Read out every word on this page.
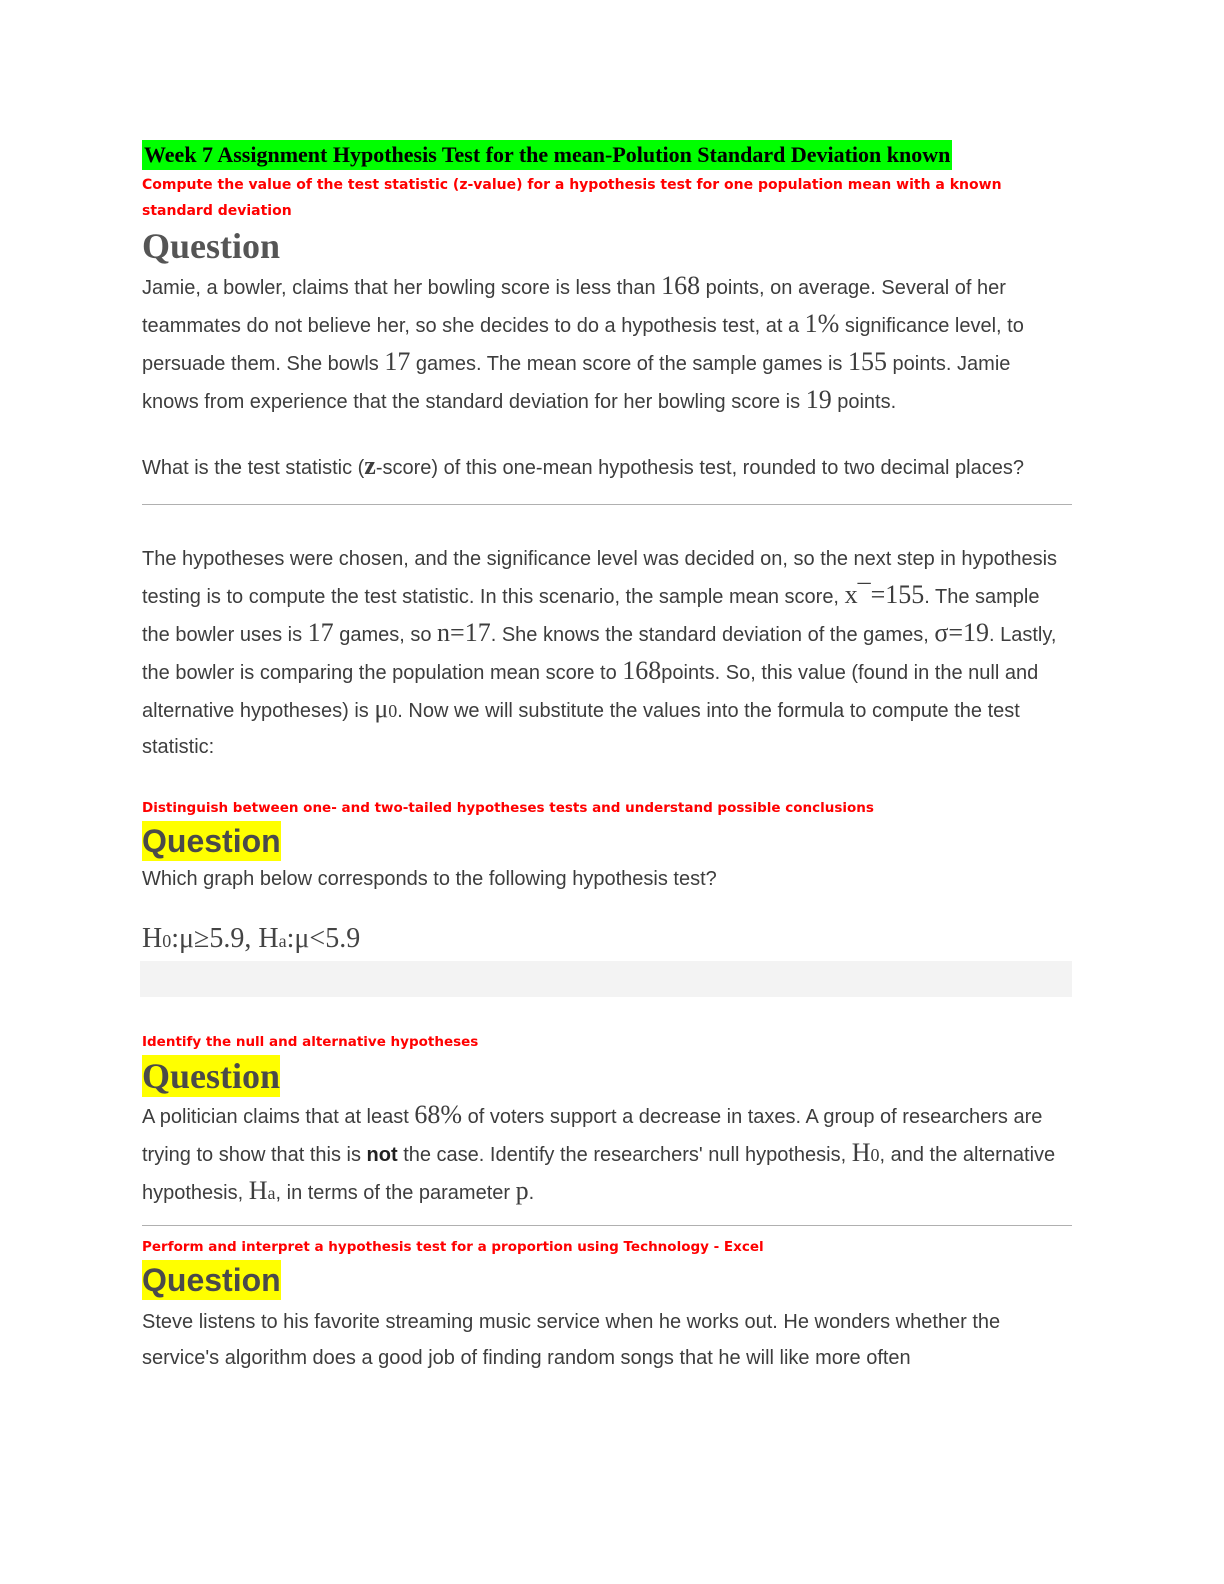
Week 7 Assignment Hypothesis Test for the mean-Polution Standard Deviation known

Compute the value of the test statistic (z-value) for a hypothesis test for one population mean with a known standard deviation

Question

Jamie, a bowler, claims that her bowling score is less than 168 points, on average. Several of her teammates do not believe her, so she decides to do a hypothesis test, at a 1% significance level, to persuade them. She bowls 17 games. The mean score of the sample games is 155 points. Jamie knows from experience that the standard deviation for her bowling score is 19 points.

What is the test statistic (z-score) of this one-mean hypothesis test, rounded to two decimal places?

The hypotheses were chosen, and the significance level was decided on, so the next step in hypothesis testing is to compute the test statistic. In this scenario, the sample mean score, x¯=155. The sample the bowler uses is 17 games, so n=17. She knows the standard deviation of the games, σ=19. Lastly, the bowler is comparing the population mean score to 168points. So, this value (found in the null and alternative hypotheses) is μ0. Now we will substitute the values into the formula to compute the test statistic:

Distinguish between one- and two-tailed hypotheses tests and understand possible conclusions

Question

Which graph below corresponds to the following hypothesis test?

H0:μ≥5.9, Ha:μ<5.9

Identify the null and alternative hypotheses

Question

A politician claims that at least 68% of voters support a decrease in taxes. A group of researchers are trying to show that this is not the case. Identify the researchers' null hypothesis, H0, and the alternative hypothesis, Ha, in terms of the parameter p.

Perform and interpret a hypothesis test for a proportion using Technology - Excel

Question

Steve listens to his favorite streaming music service when he works out. He wonders whether the service's algorithm does a good job of finding random songs that he will like more often
